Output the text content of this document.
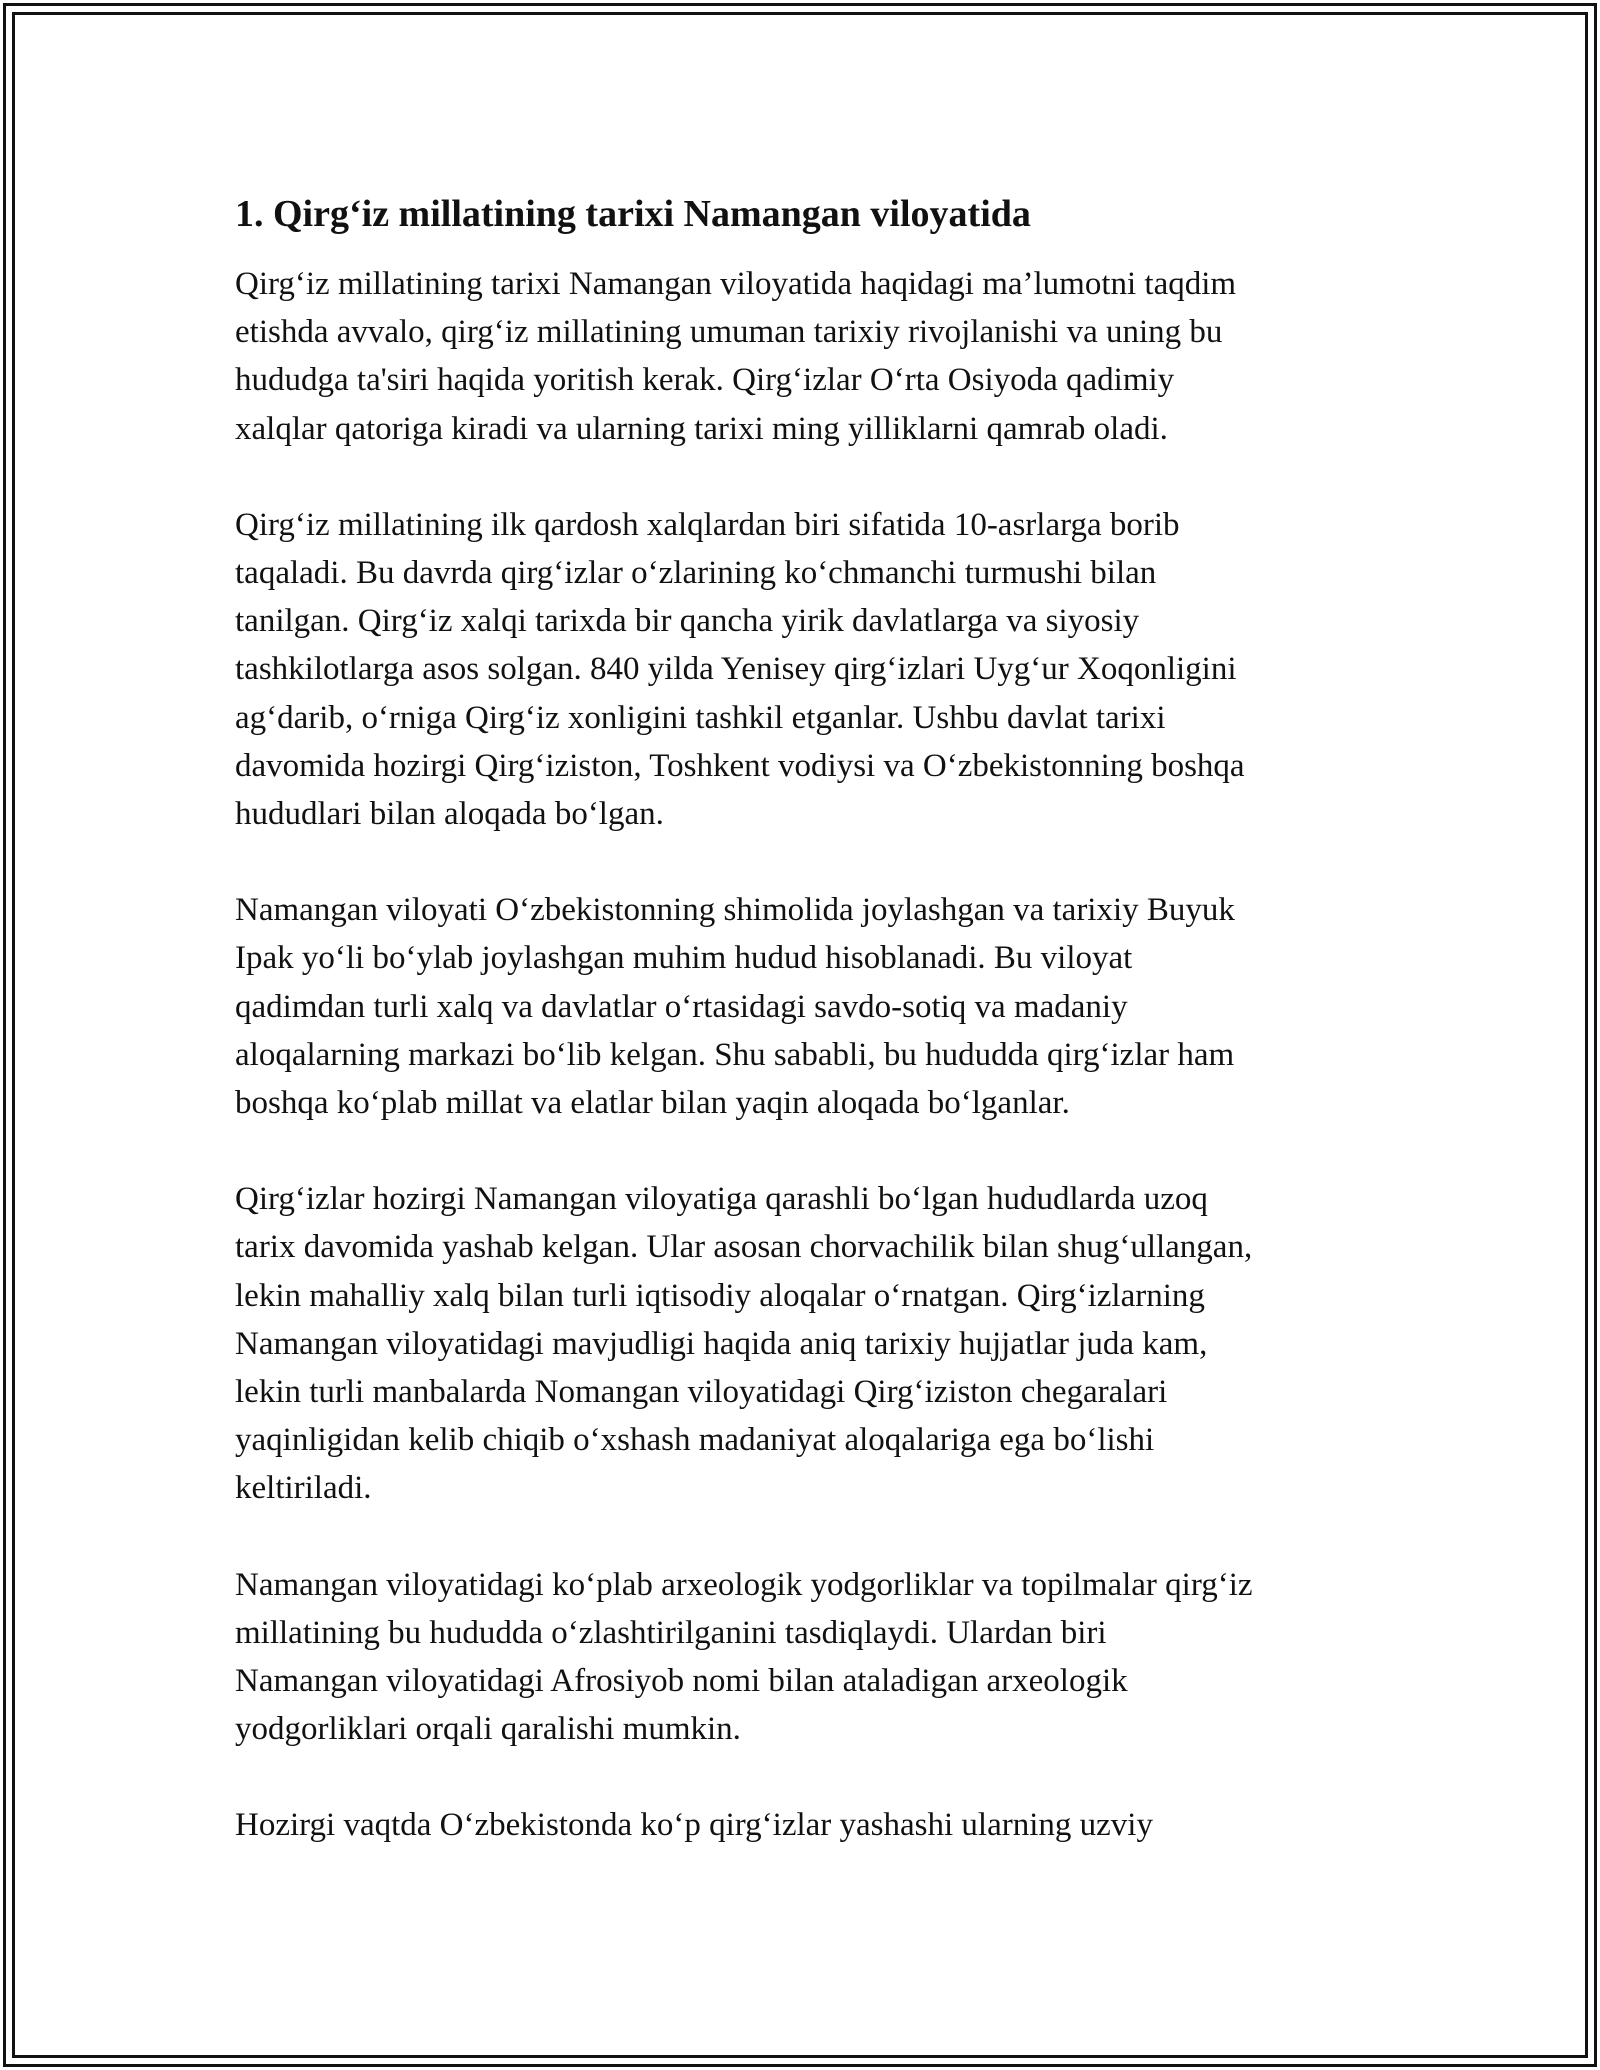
1. Qirg‘iz millatining tarixi Namangan viloyatida
Qirg‘iz millatining tarixi Namangan viloyatida haqidagi ma’lumotni taqdim
etishda avvalo, qirg‘iz millatining umuman tarixiy rivojlanishi va uning bu
hududga ta'siri haqida yoritish kerak. Qirg‘izlar O‘rta Osiyoda qadimiy
xalqlar qatoriga kiradi va ularning tarixi ming yilliklarni qamrab oladi.
Qirg‘iz millatining ilk qardosh xalqlardan biri sifatida 10-asrlarga borib
taqaladi. Bu davrda qirg‘izlar o‘zlarining ko‘chmanchi turmushi bilan
tanilgan. Qirg‘iz xalqi tarixda bir qancha yirik davlatlarga va siyosiy
tashkilotlarga asos solgan. 840 yilda Yenisey qirg‘izlari Uyg‘ur Xoqonligini
ag‘darib, o‘rniga Qirg‘iz xonligini tashkil etganlar. Ushbu davlat tarixi
davomida hozirgi Qirg‘iziston, Toshkent vodiysi va O‘zbekistonning boshqa
hududlari bilan aloqada bo‘lgan.
Namangan viloyati O‘zbekistonning shimolida joylashgan va tarixiy Buyuk
Ipak yo‘li bo‘ylab joylashgan muhim hudud hisoblanadi. Bu viloyat
qadimdan turli xalq va davlatlar o‘rtasidagi savdo-sotiq va madaniy
aloqalarning markazi bo‘lib kelgan. Shu sababli, bu hududda qirg‘izlar ham
boshqa ko‘plab millat va elatlar bilan yaqin aloqada bo‘lganlar.
Qirg‘izlar hozirgi Namangan viloyatiga qarashli bo‘lgan hududlarda uzoq
tarix davomida yashab kelgan. Ular asosan chorvachilik bilan shug‘ullangan,
lekin mahalliy xalq bilan turli iqtisodiy aloqalar o‘rnatgan. Qirg‘izlarning
Namangan viloyatidagi mavjudligi haqida aniq tarixiy hujjatlar juda kam,
lekin turli manbalarda Nomangan viloyatidagi Qirg‘iziston chegaralari
yaqinligidan kelib chiqib o‘xshash madaniyat aloqalariga ega bo‘lishi
keltiriladi.
Namangan viloyatidagi ko‘plab arxeologik yodgorliklar va topilmalar qirg‘iz
millatining bu hududda o‘zlashtirilganini tasdiqlaydi. Ulardan biri
Namangan viloyatidagi Afrosiyob nomi bilan ataladigan arxeologik
yodgorliklari orqali qaralishi mumkin.
Hozirgi vaqtda O‘zbekistonda ko‘p qirg‘izlar yashashi ularning uzviy
